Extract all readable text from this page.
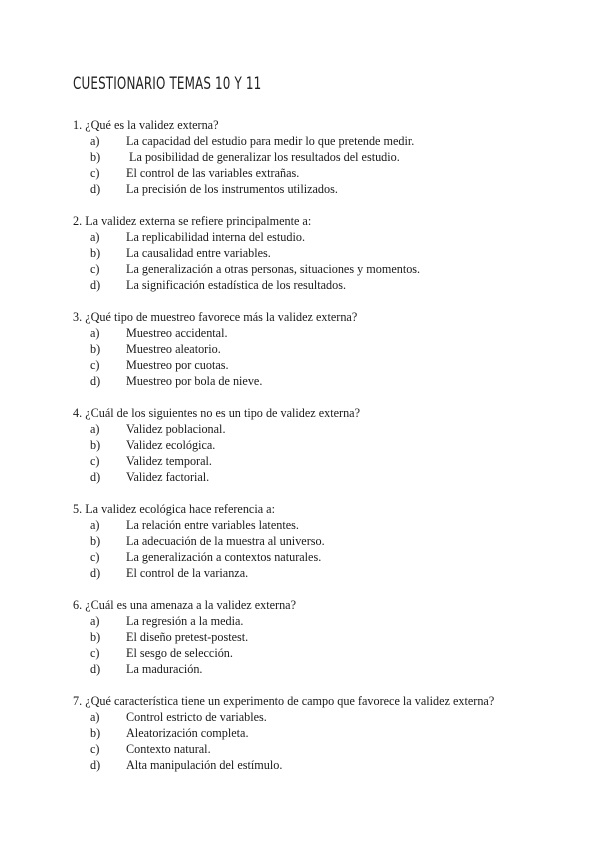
CUESTIONARIO TEMAS 10 Y 11
1. ¿Qué es la validez externa?
a)	La capacidad del estudio para medir lo que pretende medir.
b)	La posibilidad de generalizar los resultados del estudio.
c)	El control de las variables extrañas.
d)	La precisión de los instrumentos utilizados.
2. La validez externa se refiere principalmente a:
a)	La replicabilidad interna del estudio.
b)	La causalidad entre variables.
c)	La generalización a otras personas, situaciones y momentos.
d)	La significación estadística de los resultados.
3. ¿Qué tipo de muestreo favorece más la validez externa?
a)	Muestreo accidental.
b)	Muestreo aleatorio.
c)	Muestreo por cuotas.
d)	Muestreo por bola de nieve.
4. ¿Cuál de los siguientes no es un tipo de validez externa?
a)	Validez poblacional.
b)	Validez ecológica.
c)	Validez temporal.
d)	Validez factorial.
5. La validez ecológica hace referencia a:
a)	La relación entre variables latentes.
b)	La adecuación de la muestra al universo.
c)	La generalización a contextos naturales.
d)	El control de la varianza.
6. ¿Cuál es una amenaza a la validez externa?
a)	La regresión a la media.
b)	El diseño pretest-postest.
c)	El sesgo de selección.
d)	La maduración.
7. ¿Qué característica tiene un experimento de campo que favorece la validez externa?
a)	Control estricto de variables.
b)	Aleatorización completa.
c)	Contexto natural.
d)	Alta manipulación del estímulo.
